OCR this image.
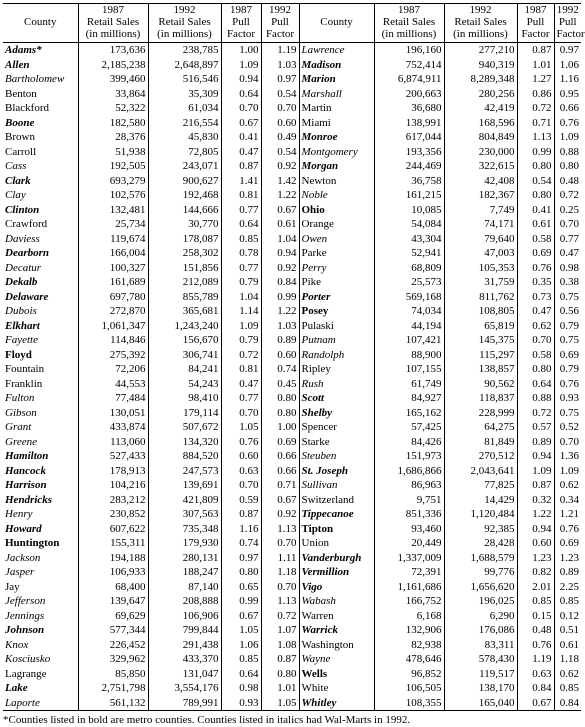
County	1987
Retail Sales
(in millions)	1992
Retail Sales
(in millions)	1987
Pull
Factor	1992
Pull
Factor	County	1987
Retail Sales
(in millions)	1992
Retail Sales
(in millions)	1987
Pull
Factor	1992
Pull
Factor
Adams*	173,636	238,785	1.00	1.19	Lawrence	196,160	277,210	0.87	0.97
Allen	2,185,238	2,648,897	1.09	1.03	Madison	752,414	940,319	1.01	1.06
Bartholomew	399,460	516,546	0.94	0.97	Marion	6,874,911	8,289,348	1.27	1.16
Benton	33,864	35,309	0.64	0.54	Marshall	200,663	280,256	0.86	0.95
Blackford	52,322	61,034	0.70	0.70	Martin	36,680	42,419	0.72	0.66
Boone	182,580	216,554	0.67	0.60	Miami	138,991	168,596	0.71	0.76
Brown	28,376	45,830	0.41	0.49	Monroe	617,044	804,849	1.13	1.09
Carroll	51,938	72,805	0.47	0.54	Montgomery	193,356	230,000	0.99	0.88
Cass	192,505	243,071	0.87	0.92	Morgan	244,469	322,615	0.80	0.80
Clark	693,279	900,627	1.41	1.42	Newton	36,758	42,408	0.54	0.48
Clay	102,576	192,468	0.81	1.22	Noble	161,215	182,367	0.80	0.72
Clinton	132,481	144,666	0.77	0.67	Ohio	10,085	7,749	0.41	0.25
Crawford	25,734	30,770	0.64	0.61	Orange	54,084	74,171	0.61	0.70
Daviess	119,674	178,087	0.85	1.04	Owen	43,304	79,640	0.58	0.77
Dearborn	166,004	258,302	0.78	0.94	Parke	52,941	47,003	0.69	0.47
Decatur	100,327	151,856	0.77	0.92	Perry	68,809	105,353	0.76	0.98
Dekalb	161,689	212,089	0.79	0.84	Pike	25,573	31,759	0.35	0.38
Delaware	697,780	855,789	1.04	0.99	Porter	569,168	811,762	0.73	0.75
Dubois	272,870	365,681	1.14	1.22	Posey	74,034	108,805	0.47	0.56
Elkhart	1,061,347	1,243,240	1.09	1.03	Pulaski	44,194	65,819	0.62	0.79
Fayette	114,846	156,670	0.79	0.89	Putnam	107,421	145,375	0.70	0.75
Floyd	275,392	306,741	0.72	0.60	Randolph	88,900	115,297	0.58	0.69
Fountain	72,206	84,241	0.81	0.74	Ripley	107,155	138,857	0.80	0.79
Franklin	44,553	54,243	0.47	0.45	Rush	61,749	90,562	0.64	0.76
Fulton	77,484	98,410	0.77	0.80	Scott	84,927	118,837	0.88	0.93
Gibson	130,051	179,114	0.70	0.80	Shelby	165,162	228,999	0.72	0.75
Grant	433,874	507,672	1.05	1.00	Spencer	57,425	64,275	0.57	0.52
Greene	113,060	134,320	0.76	0.69	Starke	84,426	81,849	0.89	0.70
Hamilton	527,433	884,520	0.60	0.66	Steuben	151,973	270,512	0.94	1.36
Hancock	178,913	247,573	0.63	0.66	St. Joseph	1,686,866	2,043,641	1.09	1.09
Harrison	104,216	139,691	0.70	0.71	Sullivan	86,963	77,825	0.87	0.62
Hendricks	283,212	421,809	0.59	0.67	Switzerland	9,751	14,429	0.32	0.34
Henry	230,852	307,563	0.87	0.92	Tippecanoe	851,336	1,120,484	1.22	1.21
Howard	607,622	735,348	1.16	1.13	Tipton	93,460	92,385	0.94	0.76
Huntington	155,311	179,930	0.74	0.70	Union	20,449	28,428	0.60	0.69
Jackson	194,188	280,131	0.97	1.11	Vanderburgh	1,337,009	1,688,579	1.23	1.23
Jasper	106,933	188,247	0.80	1.18	Vermillion	72,391	99,776	0.82	0.89
Jay	68,400	87,140	0.65	0.70	Vigo	1,161,686	1,656,620	2.01	2.25
Jefferson	139,647	208,888	0.99	1.13	Wabash	166,752	196,025	0.85	0.85
Jennings	69,629	106,906	0.67	0.72	Warren	6,168	6,290	0.15	0.12
Johnson	577,344	799,844	1.05	1.07	Warrick	132,906	176,086	0.48	0.51
Knox	226,452	291,438	1.06	1.08	Washington	82,938	83,311	0.76	0.61
Kosciusko	329,962	433,370	0.85	0.87	Wayne	478,646	578,430	1.19	1.18
Lagrange	85,850	131,047	0.64	0.80	Wells	96,852	119,517	0.63	0.62
Lake	2,751,798	3,554,176	0.98	1.01	White	106,505	138,170	0.84	0.85
Laporte	561,132	789,991	0.93	1.05	Whitley	108,355	165,040	0.67	0.84
*Counties listed in bold are metro counties. Counties listed in italics had Wal-Marts in 1992.
